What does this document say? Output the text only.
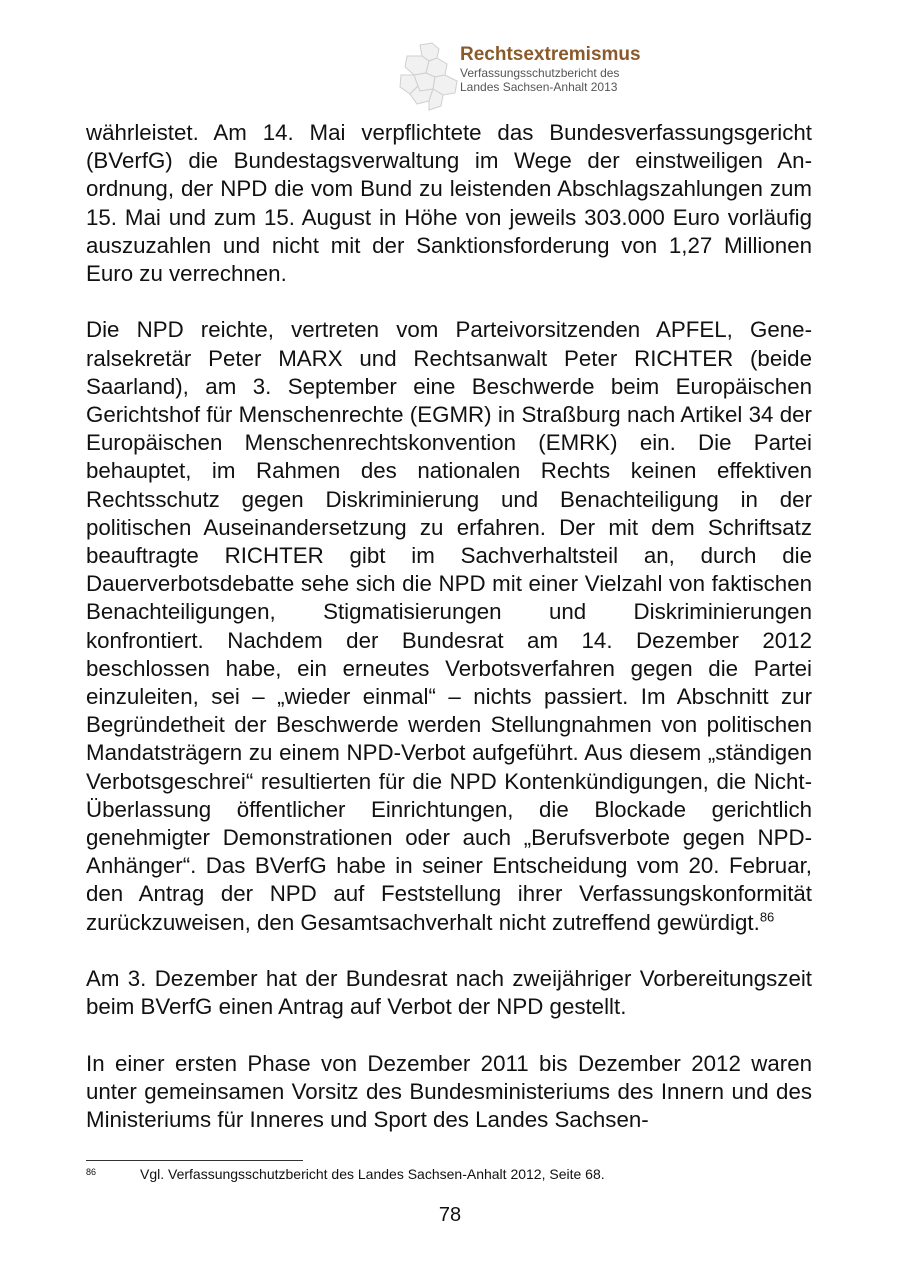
Rechtsextremismus
Verfassungsschutzbericht des
Landes Sachsen-Anhalt 2013

währleistet. Am 14. Mai verpflichtete das Bundesverfassungsgericht (BVerfG) die Bundestagsverwaltung im Wege der einstweiligen Anordnung, der NPD die vom Bund zu leistenden Abschlagszahlungen zum 15. Mai und zum 15. August in Höhe von jeweils 303.000 Euro vorläufig auszuzahlen und nicht mit der Sanktionsforderung von 1,27 Millionen Euro zu verrechnen.

Die NPD reichte, vertreten vom Parteivorsitzenden APFEL, Generalsekretär Peter MARX und Rechtsanwalt Peter RICHTER (beide Saarland), am 3. September eine Beschwerde beim Europäischen Gerichtshof für Menschenrechte (EGMR) in Straßburg nach Artikel 34 der Europäischen Menschenrechtskonvention (EMRK) ein. Die Partei behauptet, im Rahmen des nationalen Rechts keinen effektiven Rechtsschutz gegen Diskriminierung und Benachteiligung in der politischen Auseinandersetzung zu erfahren. Der mit dem Schriftsatz beauftragte RICHTER gibt im Sachverhaltsteil an, durch die Dauerverbotsdebatte sehe sich die NPD mit einer Vielzahl von faktischen Benachteiligungen, Stigmatisierungen und Diskriminierungen konfrontiert. Nachdem der Bundesrat am 14. Dezember 2012 beschlossen habe, ein erneutes Verbotsverfahren gegen die Partei einzuleiten, sei – „wieder einmal“ – nichts passiert. Im Abschnitt zur Begründetheit der Beschwerde werden Stellungnahmen von politischen Mandatsträgern zu einem NPD-Verbot aufgeführt. Aus diesem „ständigen Verbotsgeschrei“ resultierten für die NPD Kontenkündigungen, die Nicht-Überlassung öffentlicher Einrichtungen, die Blockade gerichtlich genehmigter Demonstrationen oder auch „Berufsverbote gegen NPD-Anhänger“. Das BVerfG habe in seiner Entscheidung vom 20. Februar, den Antrag der NPD auf Feststellung ihrer Verfassungskonformität zurückzuweisen, den Gesamtsachverhalt nicht zutreffend gewürdigt.$^{86}$

Am 3. Dezember hat der Bundesrat nach zweijähriger Vorbereitungszeit beim BVerfG einen Antrag auf Verbot der NPD gestellt.

In einer ersten Phase von Dezember 2011 bis Dezember 2012 waren unter gemeinsamen Vorsitz des Bundesministeriums des Innern und des Ministeriums für Inneres und Sport des Landes Sachsen-

86	Vgl. Verfassungsschutzbericht des Landes Sachsen-Anhalt 2012, Seite 68.
78
